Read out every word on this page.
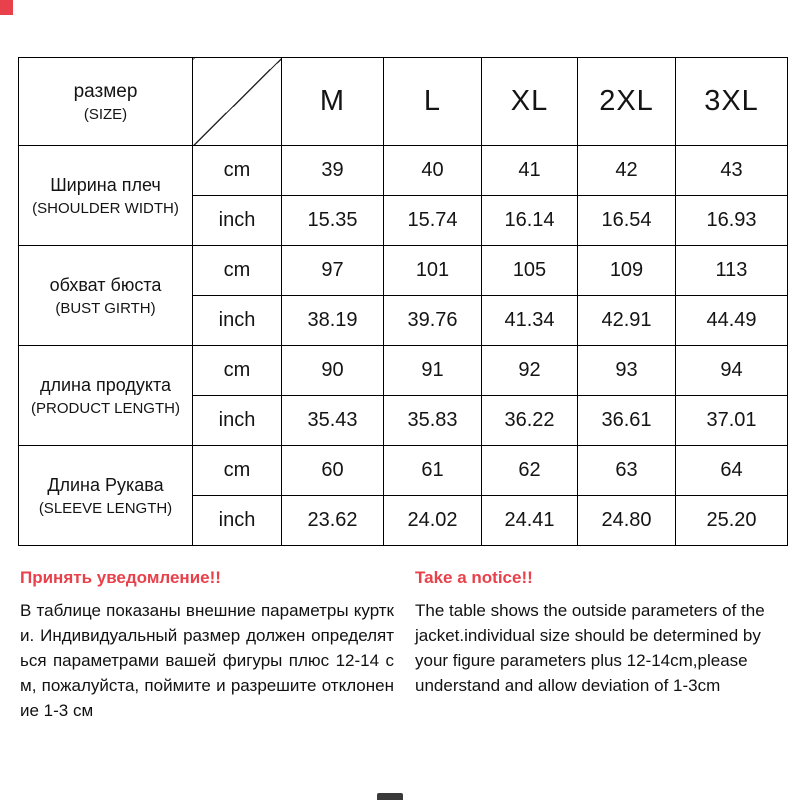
размер
(SIZE)		M	L	XL	2XL	3XL

Ширина плеч
(SHOULDER WIDTH)	cm	39	40	41	42	43
	inch	15.35	15.74	16.14	16.54	16.93

обхват бюста
(BUST GIRTH)	cm	97	101	105	109	113
	inch	38.19	39.76	41.34	42.91	44.49

длина продукта
(PRODUCT LENGTH)	cm	90	91	92	93	94
	inch	35.43	35.83	36.22	36.61	37.01

Длина Рукава
(SLEEVE LENGTH)	cm	60	61	62	63	64
	inch	23.62	24.02	24.41	24.80	25.20
Принять уведомление!!
В таблице показаны внешние параметры куртки. Индивидуальный размер должен определяться параметрами вашей фигуры плюс 12-14 см, пожалуйста, поймите и разрешите отклонение 1-3 см
Take a notice!!
The table shows the outside parameters of the jacket.individual size should be determined by your figure parameters plus 12-14cm,please understand and allow deviation of 1-3cm
